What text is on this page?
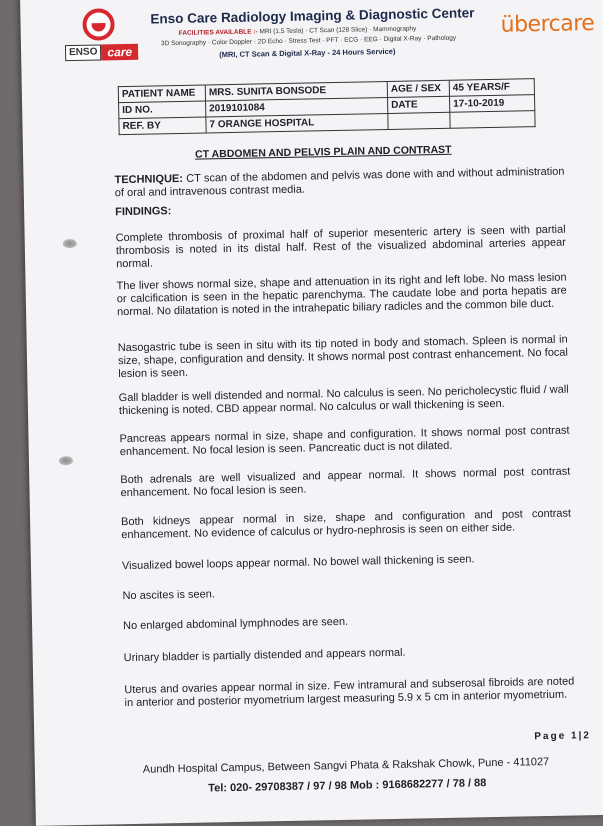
ENSO care
Enso Care Radiology Imaging & Diagnostic Center
FACILITIES AVAILABLE :- MRI (1.5 Tesla) · CT Scan (128 Slice) · Mammography
3D Sonography · Color Doppler · 2D Echo · Stress Test · PFT · ECG · EEG · Digital X-Ray · Pathology
(MRI, CT Scan & Digital X-Ray - 24 Hours Service)
übercare
PATIENT NAME	MRS. SUNITA BONSODE	AGE / SEX	45 YEARS/F
ID NO.	2019101084	DATE	17-10-2019
REF. BY	7 ORANGE HOSPITAL		
CT ABDOMEN AND PELVIS PLAIN AND CONTRAST
TECHNIQUE: CT scan of the abdomen and pelvis was done with and without administration of oral and intravenous contrast media.
FINDINGS:
Complete thrombosis of proximal half of superior mesenteric artery is seen with partial thrombosis is noted in its distal half. Rest of the visualized abdominal arteries appear normal.
The liver shows normal size, shape and attenuation in its right and left lobe. No mass lesion or calcification is seen in the hepatic parenchyma. The caudate lobe and porta hepatis are normal. No dilatation is noted in the intrahepatic biliary radicles and the common bile duct.
Nasogastric tube is seen in situ with its tip noted in body and stomach. Spleen is normal in size, shape, configuration and density. It shows normal post contrast enhancement. No focal lesion is seen.
Gall bladder is well distended and normal. No calculus is seen. No pericholecystic fluid / wall thickening is noted. CBD appear normal. No calculus or wall thickening is seen.
Pancreas appears normal in size, shape and configuration. It shows normal post contrast enhancement. No focal lesion is seen. Pancreatic duct is not dilated.
Both adrenals are well visualized and appear normal. It shows normal post contrast enhancement. No focal lesion is seen.
Both kidneys appear normal in size, shape and configuration and post contrast enhancement. No evidence of calculus or hydro-nephrosis is seen on either side.
Visualized bowel loops appear normal. No bowel wall thickening is seen.
No ascites is seen.
No enlarged abdominal lymphnodes are seen.
Urinary bladder is partially distended and appears normal.
Uterus and ovaries appear normal in size. Few intramural and subserosal fibroids are noted in anterior and posterior myometrium largest measuring 5.9 x 5 cm in anterior myometrium.
Page 1|2
Aundh Hospital Campus, Between Sangvi Phata & Rakshak Chowk, Pune - 411027
Tel: 020- 29708387 / 97 / 98 Mob : 9168682277 / 78 / 88
